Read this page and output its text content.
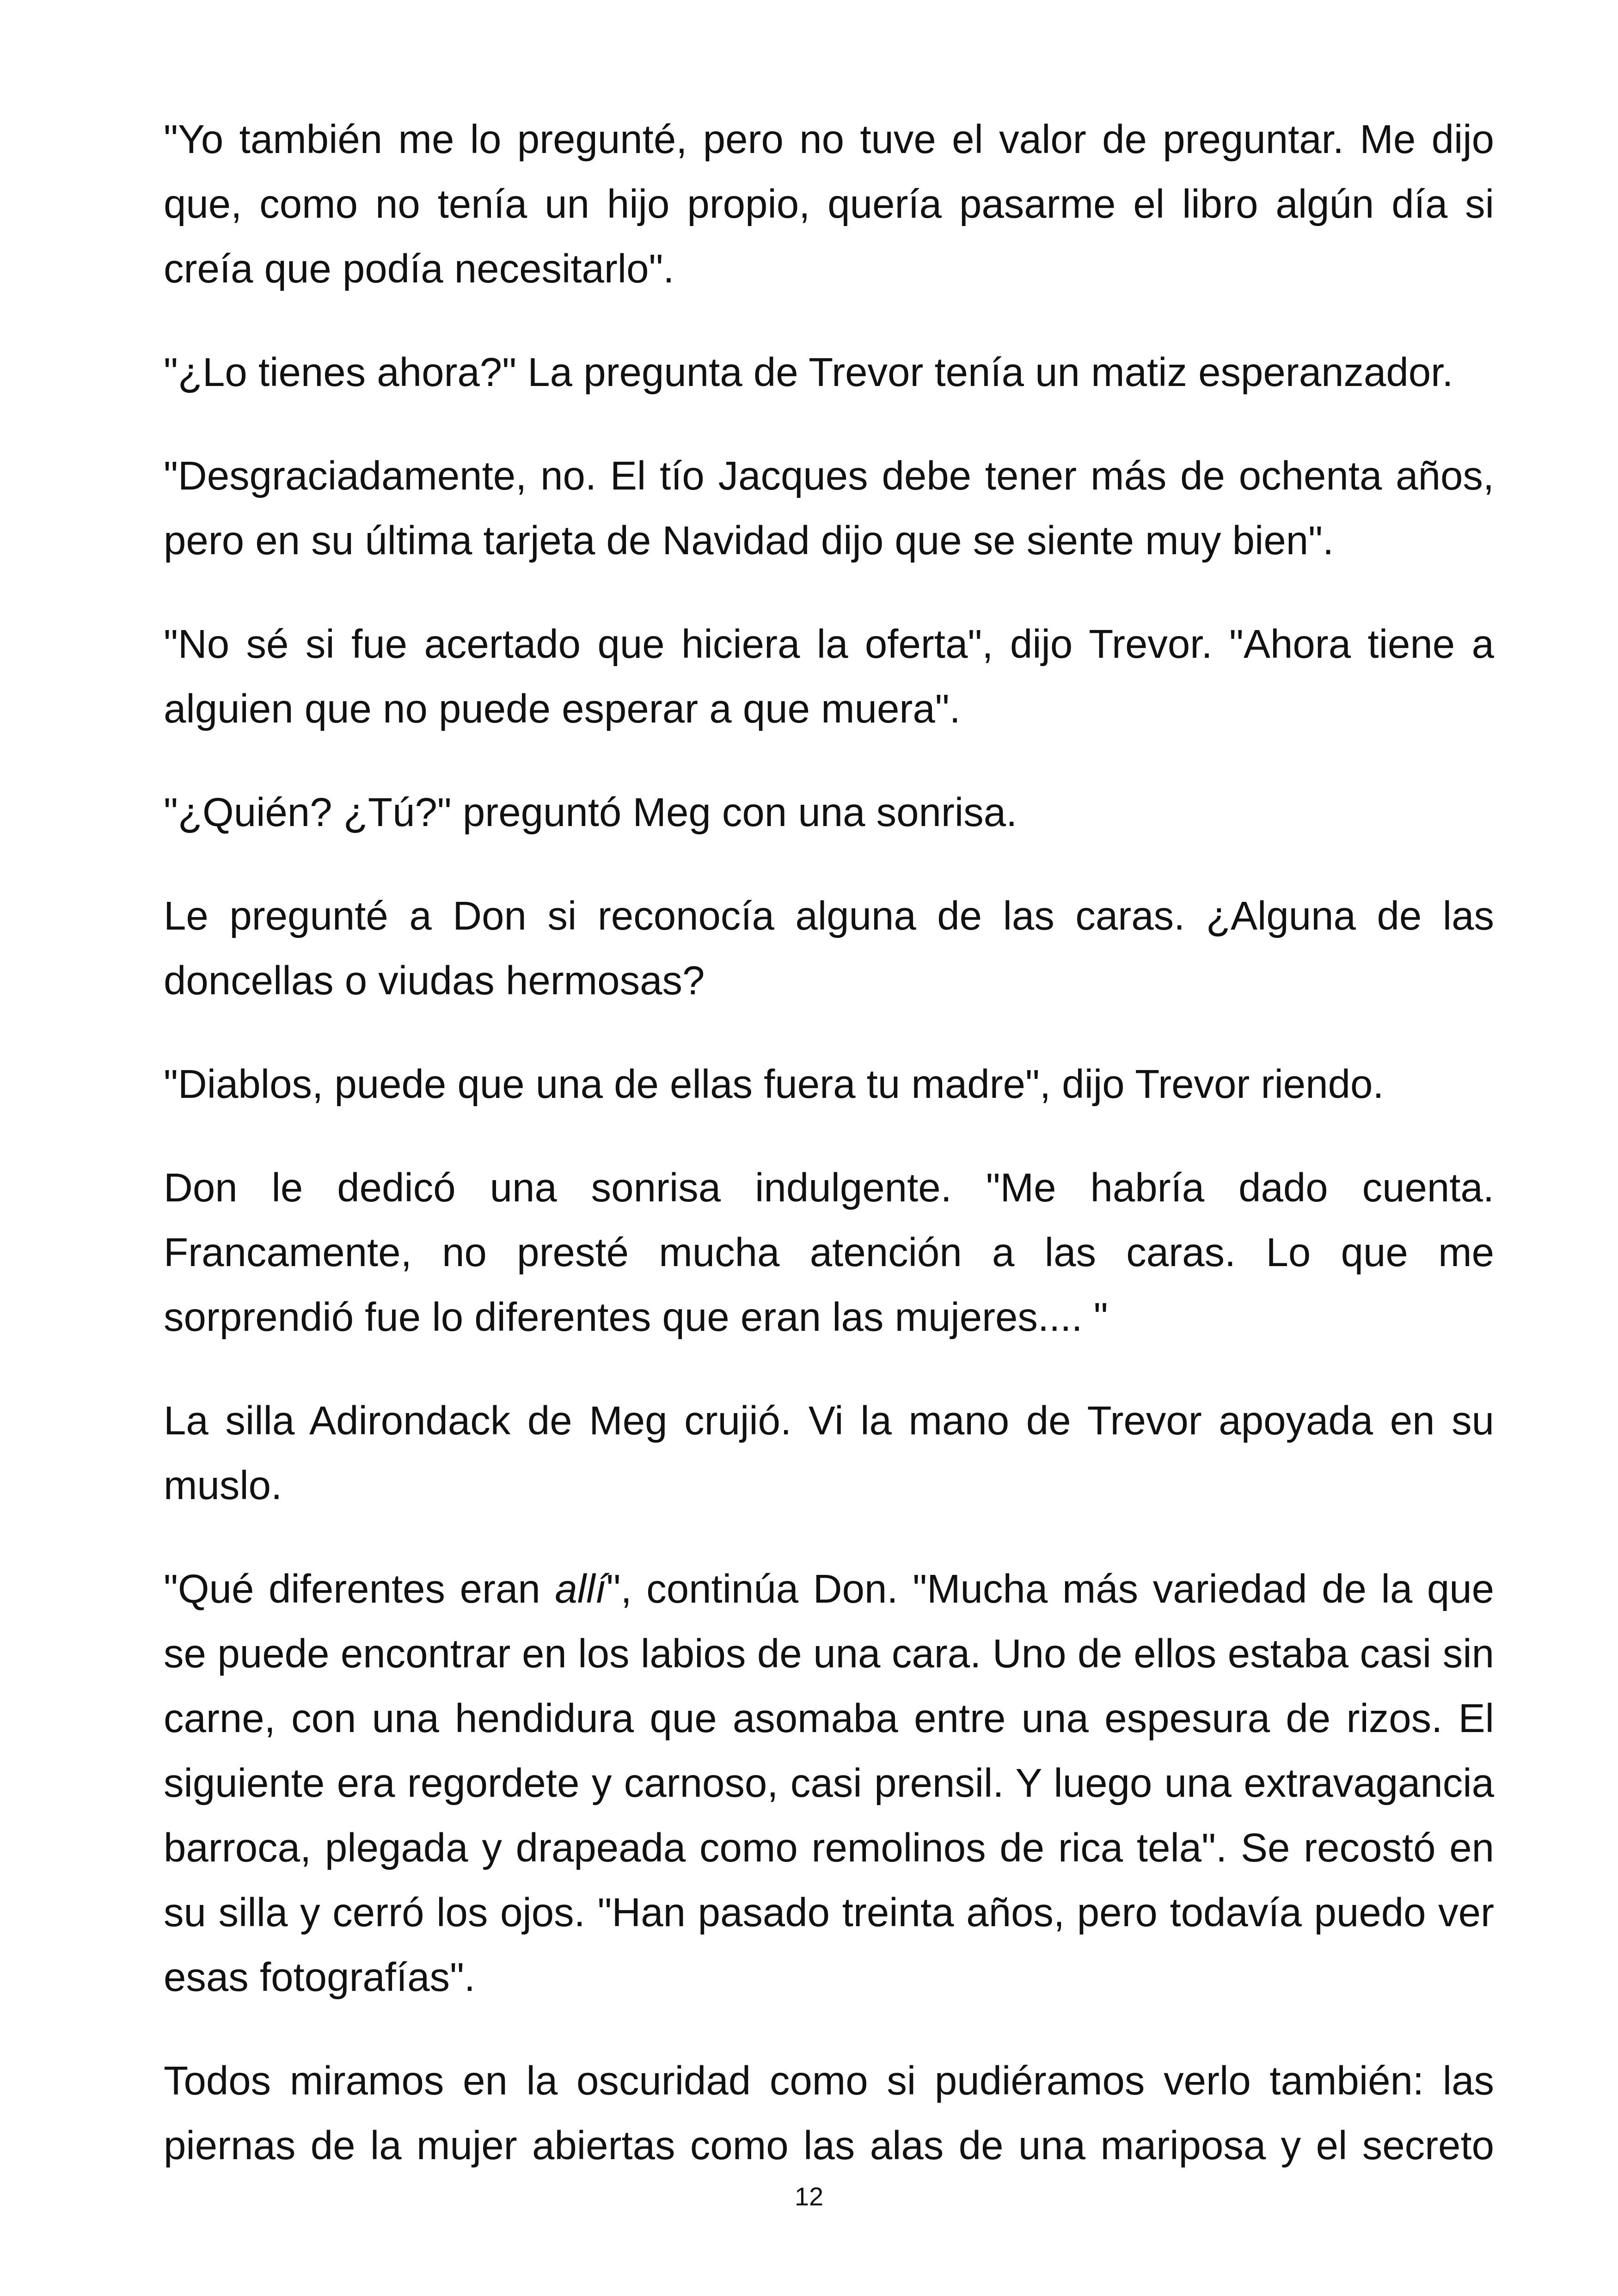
"Yo también me lo pregunté, pero no tuve el valor de preguntar. Me dijo que, como no tenía un hijo propio, quería pasarme el libro algún día si creía que podía necesitarlo".

"¿Lo tienes ahora?" La pregunta de Trevor tenía un matiz esperanzador.

"Desgraciadamente, no. El tío Jacques debe tener más de ochenta años, pero en su última tarjeta de Navidad dijo que se siente muy bien".

"No sé si fue acertado que hiciera la oferta", dijo Trevor. "Ahora tiene a alguien que no puede esperar a que muera".

"¿Quién? ¿Tú?" preguntó Meg con una sonrisa.

Le pregunté a Don si reconocía alguna de las caras. ¿Alguna de las doncellas o viudas hermosas?

"Diablos, puede que una de ellas fuera tu madre", dijo Trevor riendo.

Don le dedicó una sonrisa indulgente. "Me habría dado cuenta. Francamente, no presté mucha atención a las caras. Lo que me sorprendió fue lo diferentes que eran las mujeres.... "

La silla Adirondack de Meg crujió. Vi la mano de Trevor apoyada en su muslo.

"Qué diferentes eran allí", continúa Don. "Mucha más variedad de la que se puede encontrar en los labios de una cara. Uno de ellos estaba casi sin carne, con una hendidura que asomaba entre una espesura de rizos. El siguiente era regordete y carnoso, casi prensil. Y luego una extravagancia barroca, plegada y drapeada como remolinos de rica tela". Se recostó en su silla y cerró los ojos. "Han pasado treinta años, pero todavía puedo ver esas fotografías".

Todos miramos en la oscuridad como si pudiéramos verlo también: las piernas de la mujer abiertas como las alas de una mariposa y el secreto

12
